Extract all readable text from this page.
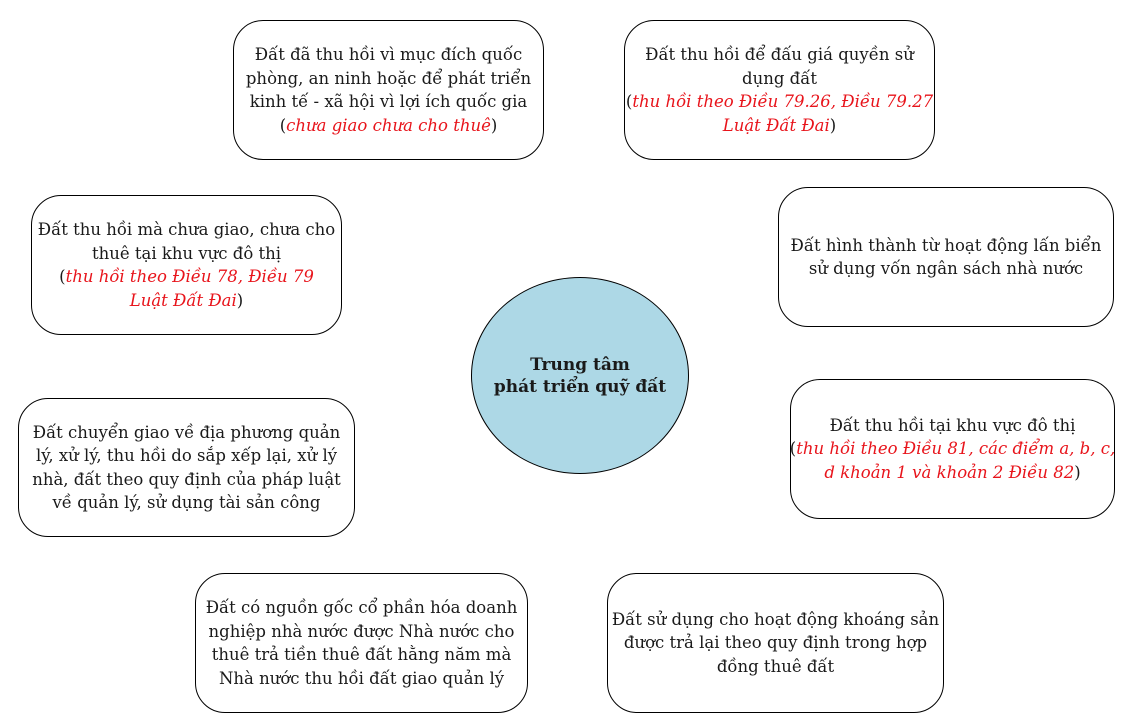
Đất đã thu hồi vì mục đích quốc
phòng, an ninh hoặc để phát triển
kinh tế - xã hội vì lợi ích quốc gia
(chưa giao chưa cho thuê)
Đất thu hồi để đấu giá quyền sử
dụng đất
(thu hồi theo Điều 79.26, Điều 79.27
Luật Đất Đai)
Đất thu hồi mà chưa giao, chưa cho
thuê tại khu vực đô thị
(thu hồi theo Điều 78, Điều 79
Luật Đất Đai)
Đất hình thành từ hoạt động lấn biển
sử dụng vốn ngân sách nhà nước
Trung tâm
phát triển quỹ đất
Đất chuyển giao về địa phương quản
lý, xử lý, thu hồi do sắp xếp lại, xử lý
nhà, đất theo quy định của pháp luật
về quản lý, sử dụng tài sản công
Đất thu hồi tại khu vực đô thị
(thu hồi theo Điều 81, các điểm a, b, c,
d khoản 1 và khoản 2 Điều 82)
Đất có nguồn gốc cổ phần hóa doanh
nghiệp nhà nước được Nhà nước cho
thuê trả tiền thuê đất hằng năm mà
Nhà nước thu hồi đất giao quản lý
Đất sử dụng cho hoạt động khoáng sản
được trả lại theo quy định trong hợp
đồng thuê đất
